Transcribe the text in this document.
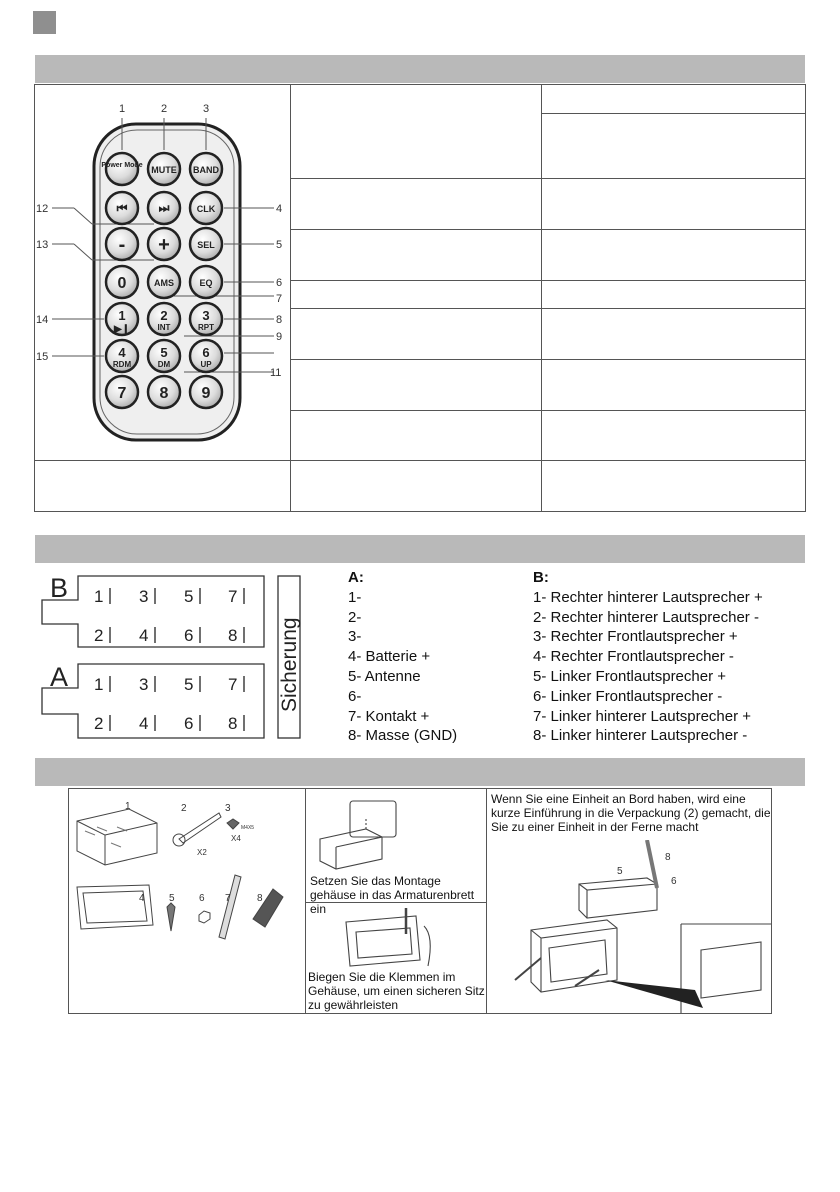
1	2	3
4
5
6
7
8
9
11
12
13
14
15
Power Mode MUTE BAND
⏮	⏭	CLK
- +	SEL
0	AMS	EQ
1
▶❙
2
INT
3
RPT
4
RDM
5
DM
6
UP
7 8 9
B
A
1 3 5 7
2 4 6 8
1 3 5 7
2 4 6 8
Sicherung
A:
1-
2-
3-
4- Batterie +
5- Antenne
6-
7- Kontakt +
8- Masse (GND)
B:
1- Rechter hinterer Lautsprecher +
2- Rechter hinterer Lautsprecher -
3- Rechter Frontlautsprecher +
4- Rechter Frontlautsprecher -
5- Linker Frontlautsprecher +
6- Linker Frontlautsprecher -
7- Linker hinterer Lautsprecher +
8- Linker hinterer Lautsprecher -
1	2	3
X2
X4
M4X5
4 5 6 7	8
Setzen Sie das Montage gehäuse in das Armaturenbrett ein
Biegen Sie die Klemmen im Gehäuse, um einen sicheren Sitz zu gewährleisten
Wenn Sie eine Einheit an Bord haben, wird eine kurze Einführung in die Verpackung (2) gemacht, die Sie zu einer Einheit in der Ferne macht
5
8
6
